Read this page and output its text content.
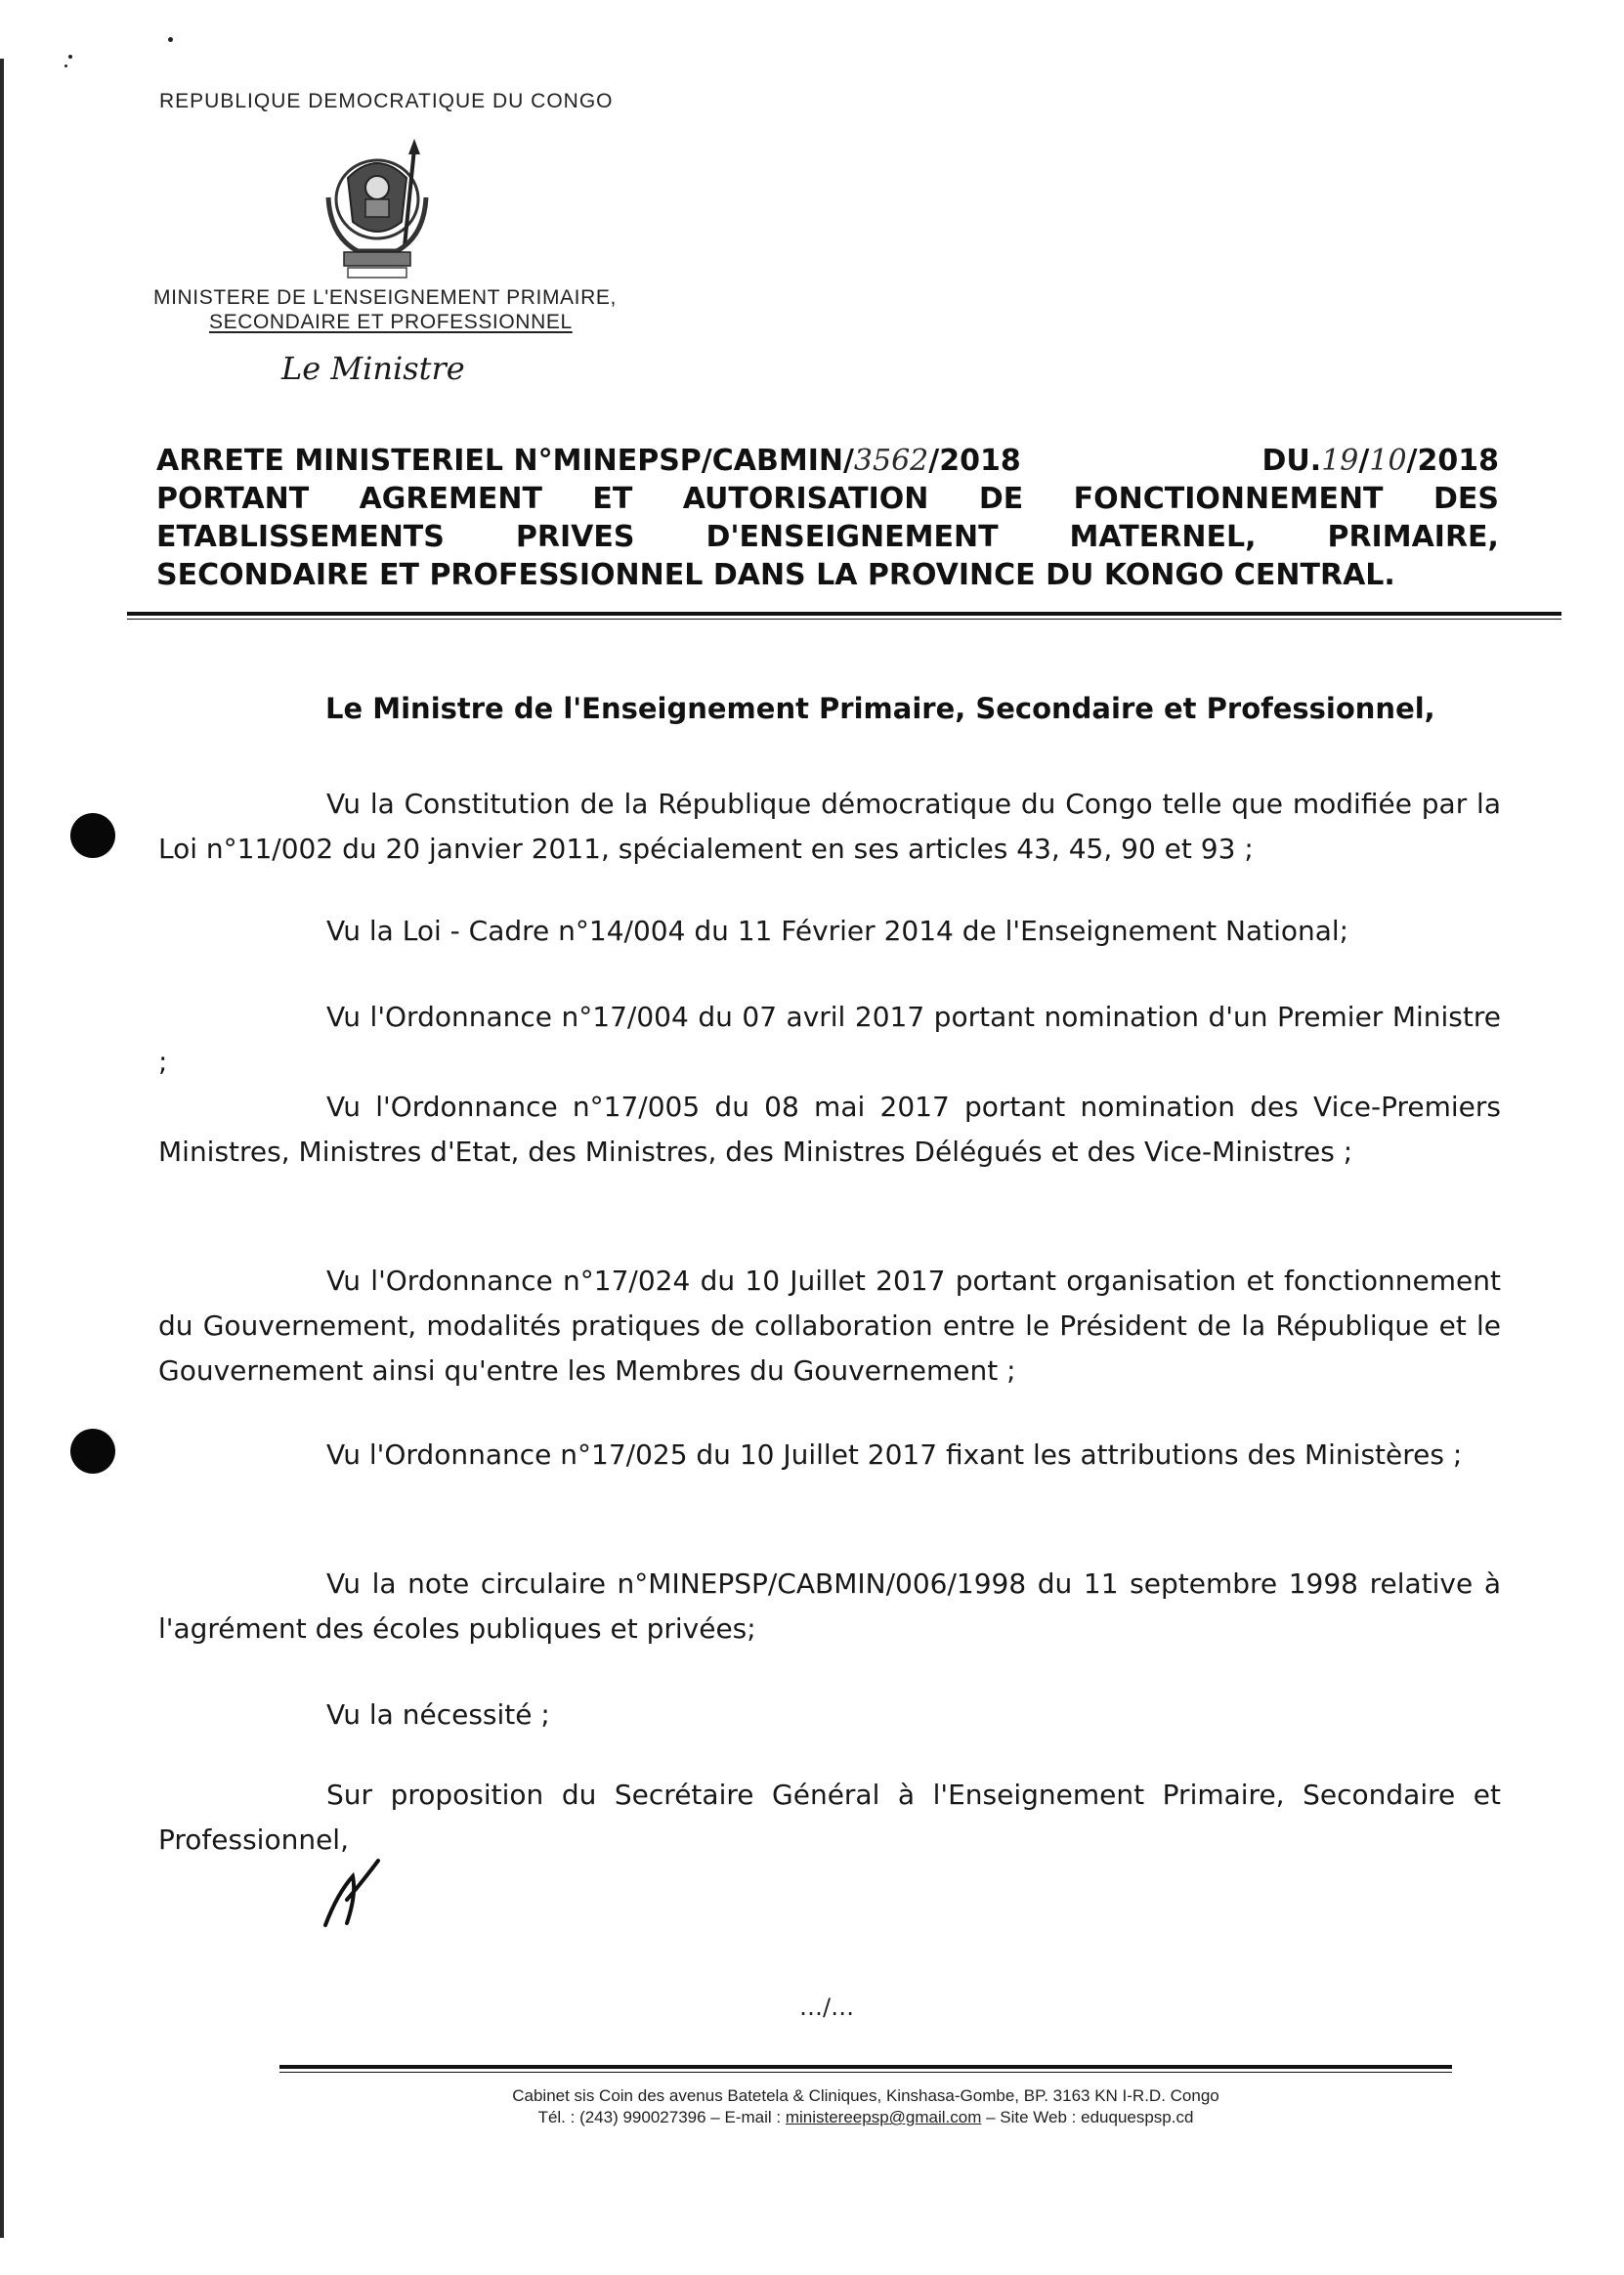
REPUBLIQUE DEMOCRATIQUE DU CONGO
MINISTERE DE L'ENSEIGNEMENT PRIMAIRE,
SECONDAIRE ET PROFESSIONNEL
Le Ministre
ARRETE MINISTERIEL N°MINEPSP/CABMIN/3562/2018	DU.19/10/2018
PORTANT AGREMENT ET AUTORISATION DE FONCTIONNEMENT DES
ETABLISSEMENTS PRIVES D'ENSEIGNEMENT MATERNEL, PRIMAIRE,
SECONDAIRE ET PROFESSIONNEL DANS LA PROVINCE DU KONGO CENTRAL.
Le Ministre de l'Enseignement Primaire, Secondaire et Professionnel,
Vu la Constitution de la République démocratique du Congo telle que modifiée par la Loi n°11/002 du 20 janvier 2011, spécialement en ses articles 43, 45, 90 et 93 ;
Vu la Loi - Cadre n°14/004 du 11 Février 2014 de l'Enseignement National;
Vu l'Ordonnance n°17/004 du 07 avril 2017 portant nomination d'un Premier Ministre ;
Vu l'Ordonnance n°17/005 du 08 mai 2017 portant nomination des Vice-Premiers Ministres, Ministres d'Etat, des Ministres, des Ministres Délégués et des Vice-Ministres ;
Vu l'Ordonnance n°17/024 du 10 Juillet 2017 portant organisation et fonctionnement du Gouvernement, modalités pratiques de collaboration entre le Président de la République et le Gouvernement ainsi qu'entre les Membres du Gouvernement ;
Vu l'Ordonnance n°17/025 du 10 Juillet 2017 fixant les attributions des Ministères ;
Vu la note circulaire n°MINEPSP/CABMIN/006/1998 du 11 septembre 1998 relative à l'agrément des écoles publiques et privées;
Vu la nécessité ;
Sur proposition du Secrétaire Général à l'Enseignement Primaire, Secondaire et Professionnel,
…/…
Cabinet sis Coin des avenus Batetela & Cliniques, Kinshasa-Gombe, BP. 3163 KN I-R.D. Congo
Tél. : (243) 990027396 – E-mail : ministereepsp@gmail.com – Site Web : eduquespsp.cd
